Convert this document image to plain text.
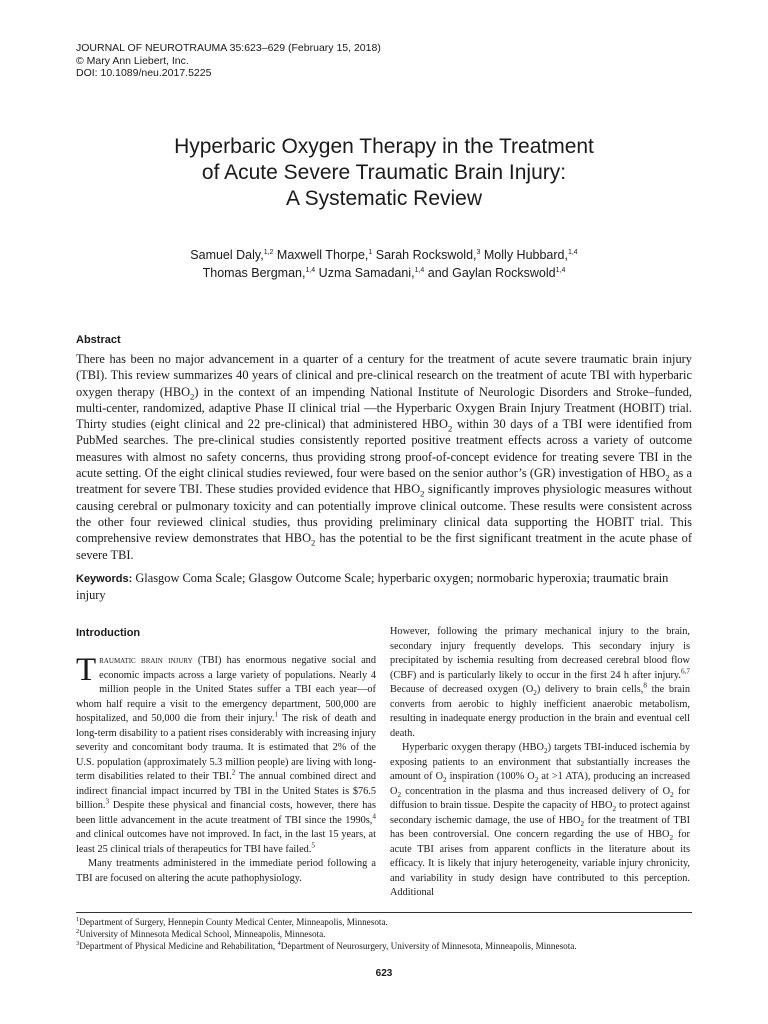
JOURNAL OF NEUROTRAUMA 35:623–629 (February 15, 2018)
© Mary Ann Liebert, Inc.
DOI: 10.1089/neu.2017.5225
Hyperbaric Oxygen Therapy in the Treatment
of Acute Severe Traumatic Brain Injury:
A Systematic Review
Samuel Daly,$^{1,2}$ Maxwell Thorpe,$^1$ Sarah Rockswold,$^3$ Molly Hubbard,$^{1,4}$
Thomas Bergman,$^{1,4}$ Uzma Samadani,$^{1,4}$ and Gaylan Rockswold$^{1,4}$
Abstract

There has been no major advancement in a quarter of a century for the treatment of acute severe traumatic brain injury (TBI). This review summarizes 40 years of clinical and pre-clinical research on the treatment of acute TBI with hyperbaric oxygen therapy $(HBO_2)$ in the context of an impending National Institute of Neurologic Disorders and Stroke–funded, multi-center, randomized, adaptive Phase II clinical trial —the Hyperbaric Oxygen Brain Injury Treatment (HOBIT) trial. Thirty studies (eight clinical and 22 pre-clinical) that administered $HBO_2$ within 30 days of a TBI were identified from PubMed searches. The pre-clinical studies consistently reported positive treatment effects across a variety of outcome measures with almost no safety concerns, thus providing strong proof-of-concept evidence for treating severe TBI in the acute setting. Of the eight clinical studies reviewed, four were based on the senior author’s (GR) investigation of $HBO_2$ as a treatment for severe TBI. These studies provided evidence that $HBO_2$ significantly improves physiologic measures without causing cerebral or pulmonary toxicity and can potentially improve clinical outcome. These results were consistent across the other four reviewed clinical studies, thus providing preliminary clinical data supporting the HOBIT trial. This comprehensive review demonstrates that $HBO_2$ has the potential to be the first significant treatment in the acute phase of severe TBI.

Keywords: Glasgow Coma Scale; Glasgow Outcome Scale; hyperbaric oxygen; normobaric hyperoxia; traumatic brain injury

Introduction

Traumatic brain injury (TBI) has enormous negative social and economic impacts across a large variety of populations. Nearly 4 million people in the United States suffer a TBI each year—of whom half require a visit to the emergency department, 500,000 are hospitalized, and 50,000 die from their injury.$^1$ The risk of death and long-term disability to a patient rises considerably with increasing injury severity and concomitant body trauma. It is estimated that 2% of the U.S. population (approximately 5.3 million people) are living with long-term disabilities related to their TBI.$^2$ The annual combined direct and indirect financial impact incurred by TBI in the United States is $76.5 billion.$^3$ Despite these physical and financial costs, however, there has been little advancement in the acute treatment of TBI since the 1990s,$^4$ and clinical outcomes have not improved. In fact, in the last 15 years, at least 25 clinical trials of therapeutics for TBI have failed.$^5$

Many treatments administered in the immediate period following a TBI are focused on altering the acute pathophysiology.

However, following the primary mechanical injury to the brain, secondary injury frequently develops. This secondary injury is precipitated by ischemia resulting from decreased cerebral blood flow (CBF) and is particularly likely to occur in the first 24 h after injury.$^{6,7}$ Because of decreased oxygen $(O_2)$ delivery to brain cells,$^8$ the brain converts from aerobic to highly inefficient anaerobic metabolism, resulting in inadequate energy production in the brain and eventual cell death.

Hyperbaric oxygen therapy $(HBO_2)$ targets TBI-induced ischemia by exposing patients to an environment that substantially increases the amount of $O_2$ inspiration (100% $O_2$ at >1 ATA), producing an increased $O_2$ concentration in the plasma and thus increased delivery of $O_2$ for diffusion to brain tissue. Despite the capacity of $HBO_2$ to protect against secondary ischemic damage, the use of $HBO_2$ for the treatment of TBI has been controversial. One concern regarding the use of $HBO_2$ for acute TBI arises from apparent conflicts in the literature about its efficacy. It is likely that injury heterogeneity, variable injury chronicity, and variability in study design have contributed to this perception. Additional

$^1$Department of Surgery, Hennepin County Medical Center, Minneapolis, Minnesota.
$^2$University of Minnesota Medical School, Minneapolis, Minnesota.
$^3$Department of Physical Medicine and Rehabilitation, $^4$Department of Neurosurgery, University of Minnesota, Minneapolis, Minnesota.
623
